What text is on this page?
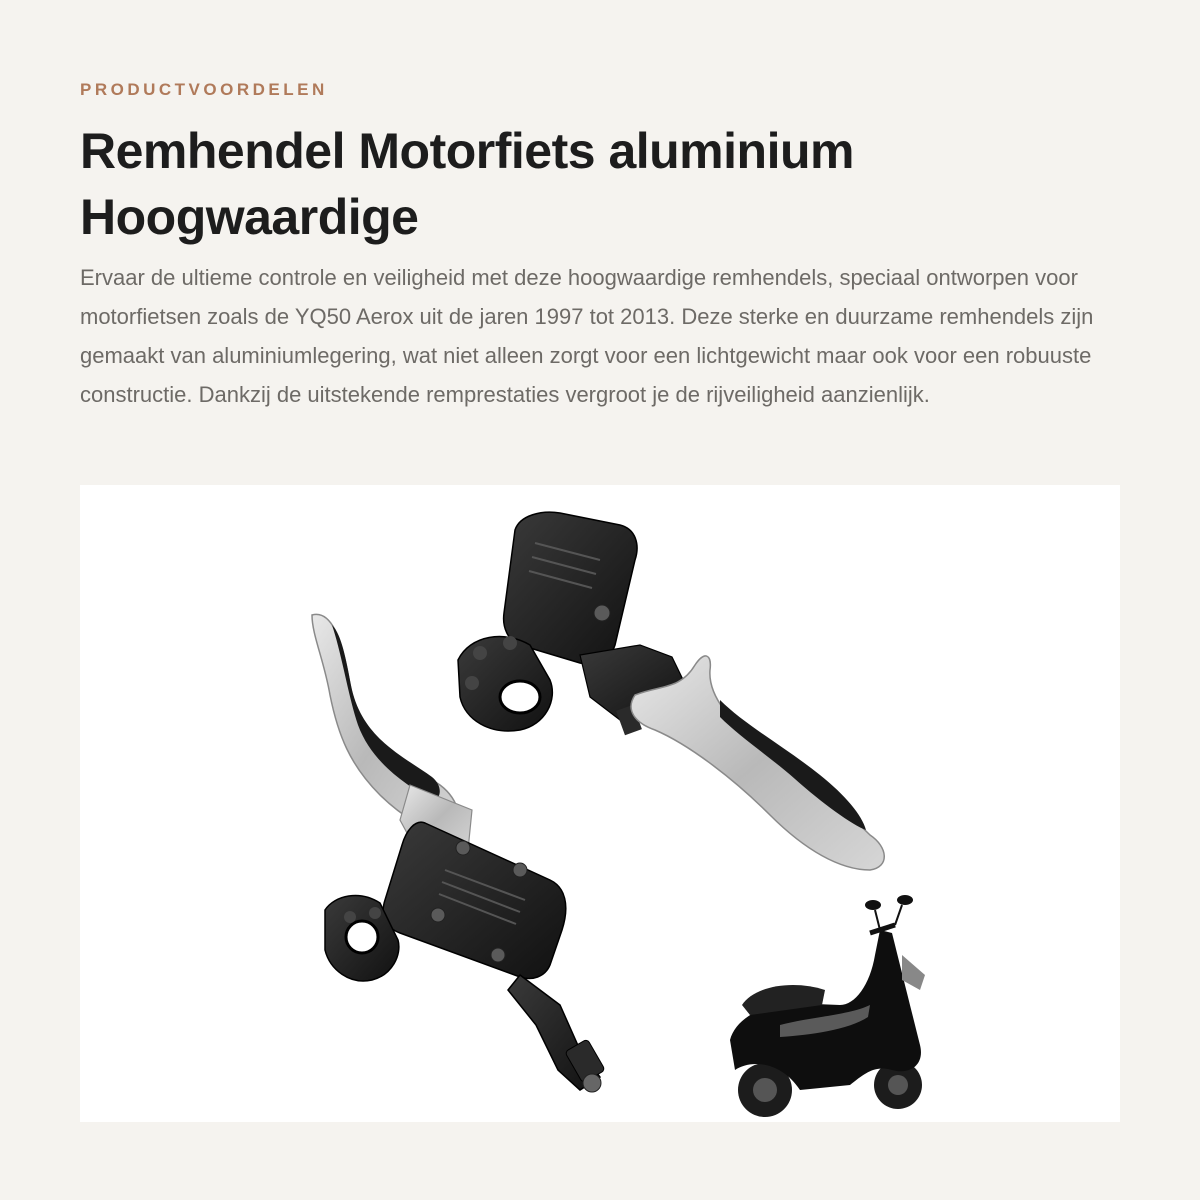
PRODUCTVOORDELEN

Remhendel Motorfiets aluminium Hoogwaardige

Ervaar de ultieme controle en veiligheid met deze hoogwaardige remhendels, speciaal ontworpen voor motorfietsen zoals de YQ50 Aerox uit de jaren 1997 tot 2013. Deze sterke en duurzame remhendels zijn gemaakt van aluminiumlegering, wat niet alleen zorgt voor een lichtgewicht maar ook voor een robuuste constructie. Dankzij de uitstekende remprestaties vergroot je de rijveiligheid aanzienlijk.
